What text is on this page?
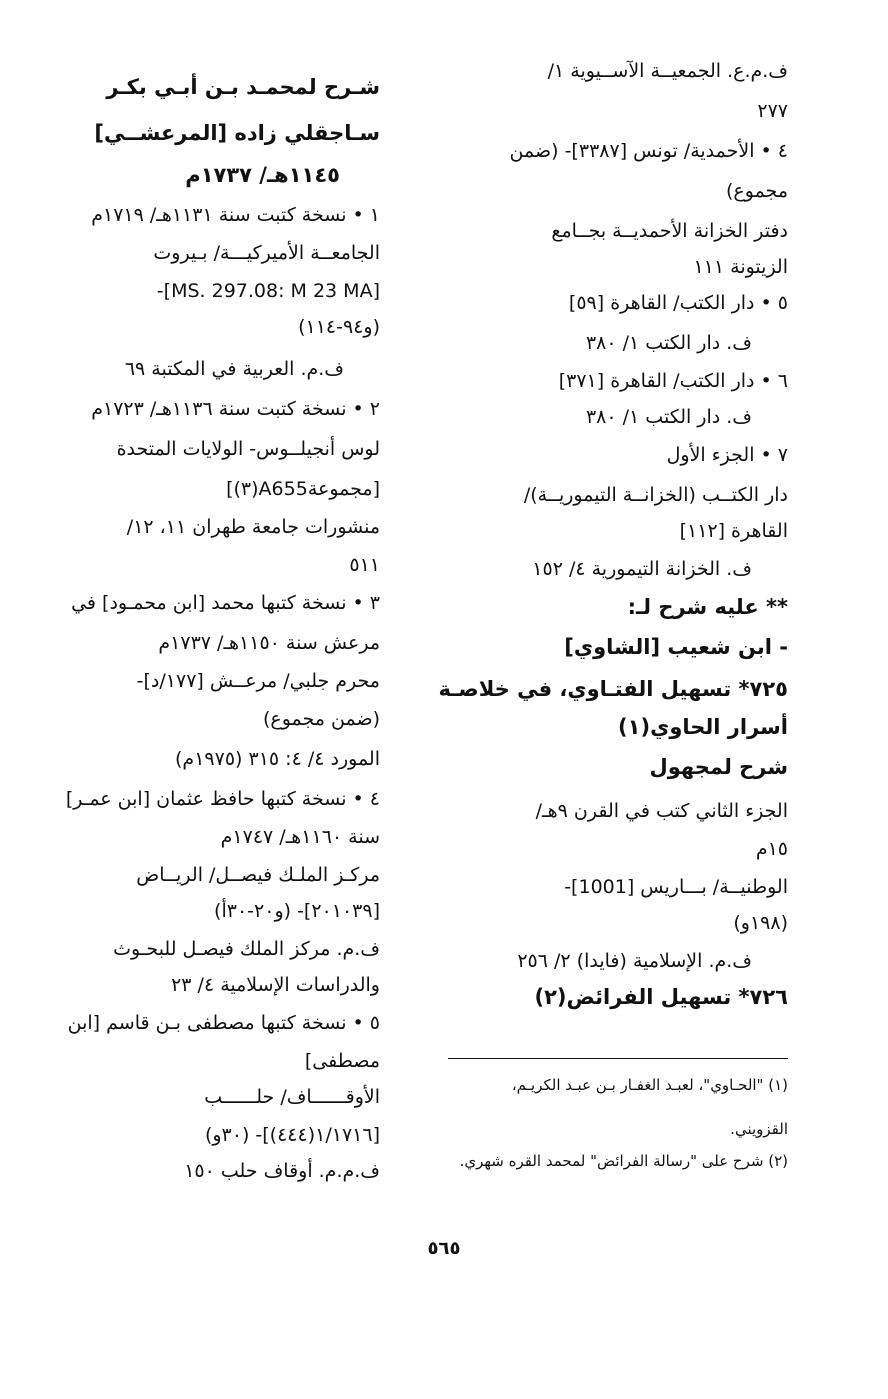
ف.م.ع. الجمعيــة الآســيوية ١/
٢٧٧
٤ • الأحمدية/ تونس [٣٣٨٧]- (ضمن
مجموع)
دفتر الخزانة الأحمديــة بجــامع
الزيتونة ١١١
٥ • دار الكتب/ القاهرة [٥٩]
ف. دار الكتب ١/ ٣٨٠
٦ • دار الكتب/ القاهرة [٣٧١]
ف. دار الكتب ١/ ٣٨٠
٧ • الجزء الأول
دار الكتــب (الخزانــة التيموريــة)/
القاهرة [١١٢]
ف. الخزانة التيمورية ٤/ ١٥٢
** عليه شرح لـ:
- ابن شعيب [الشاوي]
٧٢٥* تسهيل الفتـاوي، في خلاصـة
أسرار الحاوي(١)
شرح لمجهول
الجزء الثاني كتب في القرن ٩هـ/
١٥م
الوطنيــة/ بـــاريس [1001]-
(١٩٨و)
ف.م. الإسلامية (فايدا) ٢/ ٢٥٦
٧٢٦* تسهيل الفرائض(٢)
شـرح لمحمـد بـن أبـي بكـر
سـاجقلي زاده [المرعشــي]
١١٤٥هـ/ ١٧٣٧م
١ • نسخة كتبت سنة ١١٣١هـ/ ١٧١٩م
الجامعــة الأميركيـــة/ بـيروت
[MS. 297.08: M 23 MA]-
(و٩٤-١١٤)
ف.م. العربية في المكتبة ٦٩
٢ • نسخة كتبت سنة ١١٣٦هـ/ ١٧٢٣م
لوس أنجيلــوس- الولايات المتحدة
[مجموعةA655(٣)]
منشورات جامعة طهران ١١، ١٢/
٥١١
٣ • نسخة كتبها محمد [ابن محمـود] في
مرعش سنة ١١٥٠هـ/ ١٧٣٧م
محرم جلبي/ مرعــش [١٧٧/د]-
(ضمن مجموع)
المورد ٤/ ٤: ٣١٥ (١٩٧٥م)
٤ • نسخة كتبها حافظ عثمان [ابن عمـر]
سنة ١١٦٠هـ/ ١٧٤٧م
مركـز الملـك فيصــل/ الريــاض
[٢٠١٠٣٩]- (و٢٠-٣٠أ)
ف.م. مركز الملك فيصـل للبحـوث
والدراسات الإسلامية ٤/ ٢٣
٥ • نسخة كتبها مصطفى بـن قاسم [ابن
مصطفى]
الأوقــــــاف/ حلــــــب
[١/١٧١٦(٤٤٤)]- (٣٠و)
ف.م.م. أوقاف حلب ١٥٠
(١) "الحـاوي"، لعبـد الغفـار بـن عبـد الكريـم،
القزويني.
(٢) شرح على "رسالة الفرائض" لمحمد القره شهري.
٥٦٥
